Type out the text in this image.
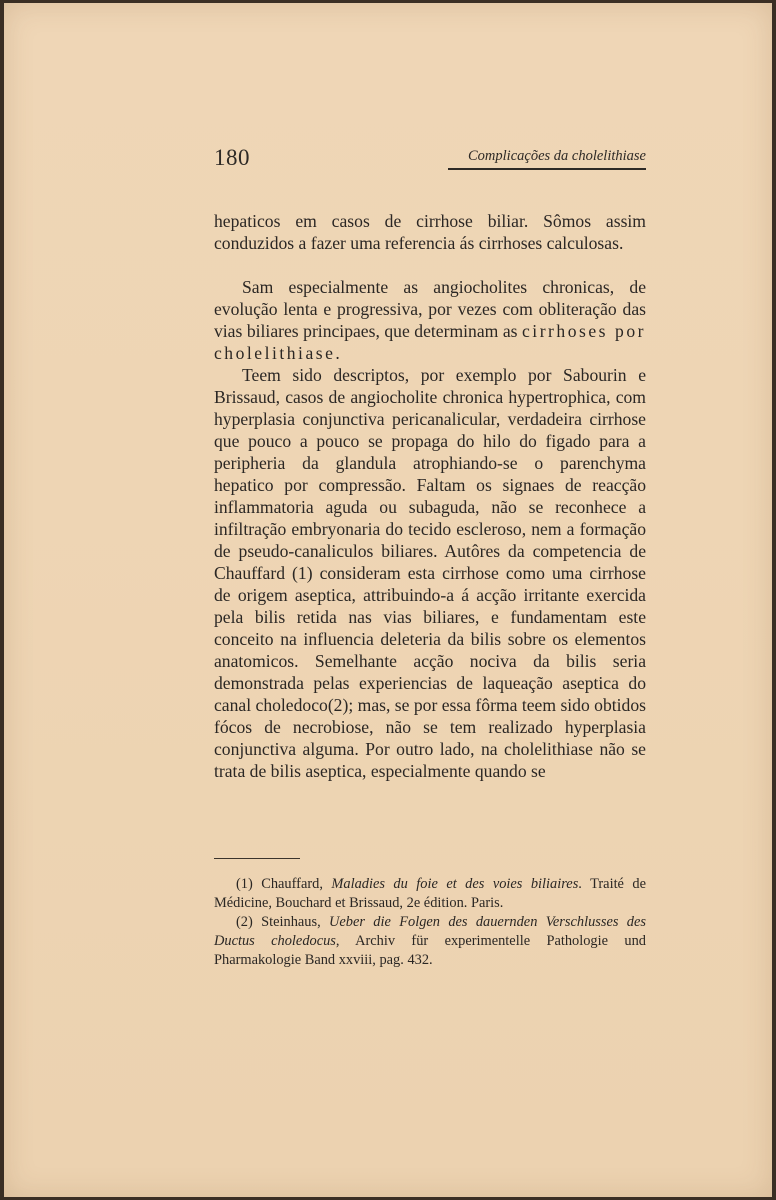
180	Complicações da cholelithiase

hepaticos em casos de cirrhose biliar. Sômos assim conduzidos a fazer uma referencia ás cirrhoses calculosas.

Sam especialmente as angiocholites chronicas, de evolução lenta e progressiva, por vezes com obliteração das vias biliares principaes, que determinam as cirrhoses por cholelithiase.

Teem sido descriptos, por exemplo por Sabourin e Brissaud, casos de angiocholite chronica hypertrophica, com hyperplasia conjunctiva pericanalicular, verdadeira cirrhose que pouco a pouco se propaga do hilo do figado para a peripheria da glandula atrophiando-se o parenchyma hepatico por compressão. Faltam os signaes de reacção inflammatoria aguda ou subaguda, não se reconhece a infiltração embryonaria do tecido escleroso, nem a formação de pseudo-canaliculos biliares. Autôres da competencia de Chauffard (1) consideram esta cirrhose como uma cirrhose de origem aseptica, attribuindo-a á acção irritante exercida pela bilis retida nas vias biliares, e fundamentam este conceito na influencia deleteria da bilis sobre os elementos anatomicos. Semelhante acção nociva da bilis seria demonstrada pelas experiencias de laqueação aseptica do canal choledoco(2); mas, se por essa fôrma teem sido obtidos fócos de necrobiose, não se tem realizado hyperplasia conjunctiva alguma. Por outro lado, na cholelithiase não se trata de bilis aseptica, especialmente quando se

(1) Chauffard, Maladies du foie et des voies biliaires. Traité de Médicine, Bouchard et Brissaud, 2e édition. Paris.

(2) Steinhaus, Ueber die Folgen des dauernden Verschlusses des Ductus choledocus, Archiv für experimentelle Pathologie und Pharmakologie Band xxviii, pag. 432.
